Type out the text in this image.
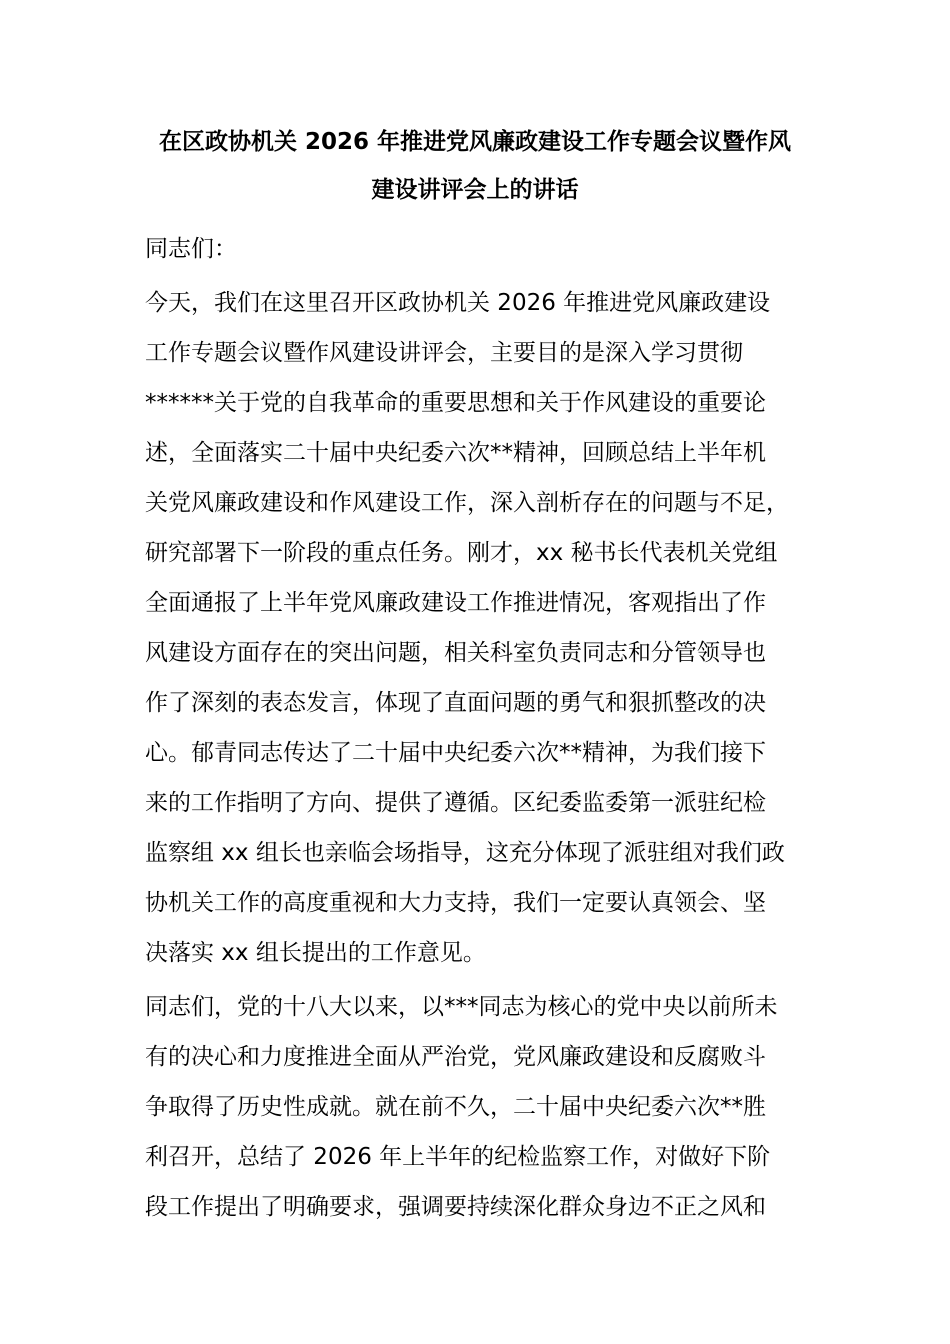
在区政协机关 2026 年推进党风廉政建设工作专题会议暨作风
建设讲评会上的讲话
同志们：
今天，我们在这里召开区政协机关 2026 年推进党风廉政建设
工作专题会议暨作风建设讲评会，主要目的是深入学习贯彻
******关于党的自我革命的重要思想和关于作风建设的重要论
述，全面落实二十届中央纪委六次**精神，回顾总结上半年机
关党风廉政建设和作风建设工作，深入剖析存在的问题与不足，
研究部署下一阶段的重点任务。刚才，xx 秘书长代表机关党组
全面通报了上半年党风廉政建设工作推进情况，客观指出了作
风建设方面存在的突出问题，相关科室负责同志和分管领导也
作了深刻的表态发言，体现了直面问题的勇气和狠抓整改的决
心。郁青同志传达了二十届中央纪委六次**精神，为我们接下
来的工作指明了方向、提供了遵循。区纪委监委第一派驻纪检
监察组 xx 组长也亲临会场指导，这充分体现了派驻组对我们政
协机关工作的高度重视和大力支持，我们一定要认真领会、坚
决落实 xx 组长提出的工作意见。
同志们，党的十八大以来，以***同志为核心的党中央以前所未
有的决心和力度推进全面从严治党，党风廉政建设和反腐败斗
争取得了历史性成就。就在前不久，二十届中央纪委六次**胜
利召开，总结了 2026 年上半年的纪检监察工作，对做好下阶
段工作提出了明确要求，强调要持续深化群众身边不正之风和
